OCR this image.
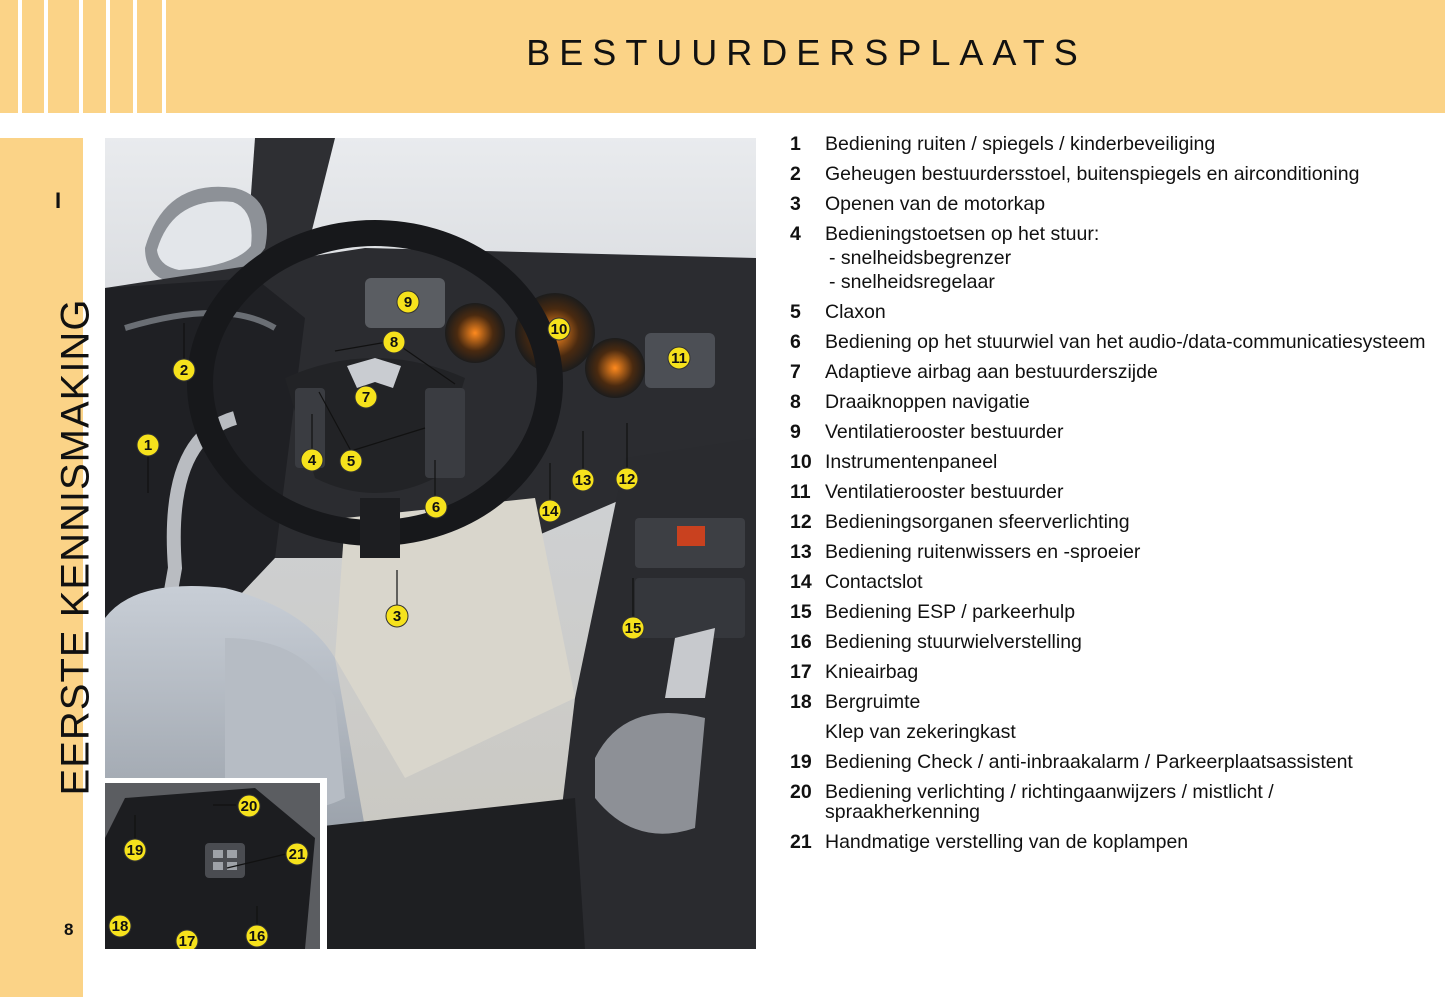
BESTUURDERSPLAATS
I
EERSTE KENNISMAKING
8
1
2
3
4 5
6
7
8
9
10
11
12
13
14
15
16
17
18
19
20
21
1 Bediening ruiten / spiegels / kinderbeveiliging
2 Geheugen bestuurdersstoel, buitenspiegels en airconditioning
3 Openen van de motorkap
4 Bedieningstoetsen op het stuur:
- snelheidsbegrenzer
- snelheidsregelaar
5 Claxon
6 Bediening op het stuurwiel van het audio-/data-communicatiesysteem
7 Adaptieve airbag aan bestuurderszijde
8 Draaiknoppen navigatie
9 Ventilatierooster bestuurder
10 Instrumentenpaneel
11 Ventilatierooster bestuurder
12 Bedieningsorganen sfeerverlichting
13 Bediening ruitenwissers en -sproeier
14 Contactslot
15 Bediening ESP / parkeerhulp
16 Bediening stuurwielverstelling
17 Knieairbag
18 Bergruimte
Klep van zekeringkast
19 Bediening Check / anti-inbraakalarm / Parkeerplaatsassistent
20 Bediening verlichting / richtingaanwijzers / mistlicht / spraakherkenning
21 Handmatige verstelling van de koplampen
